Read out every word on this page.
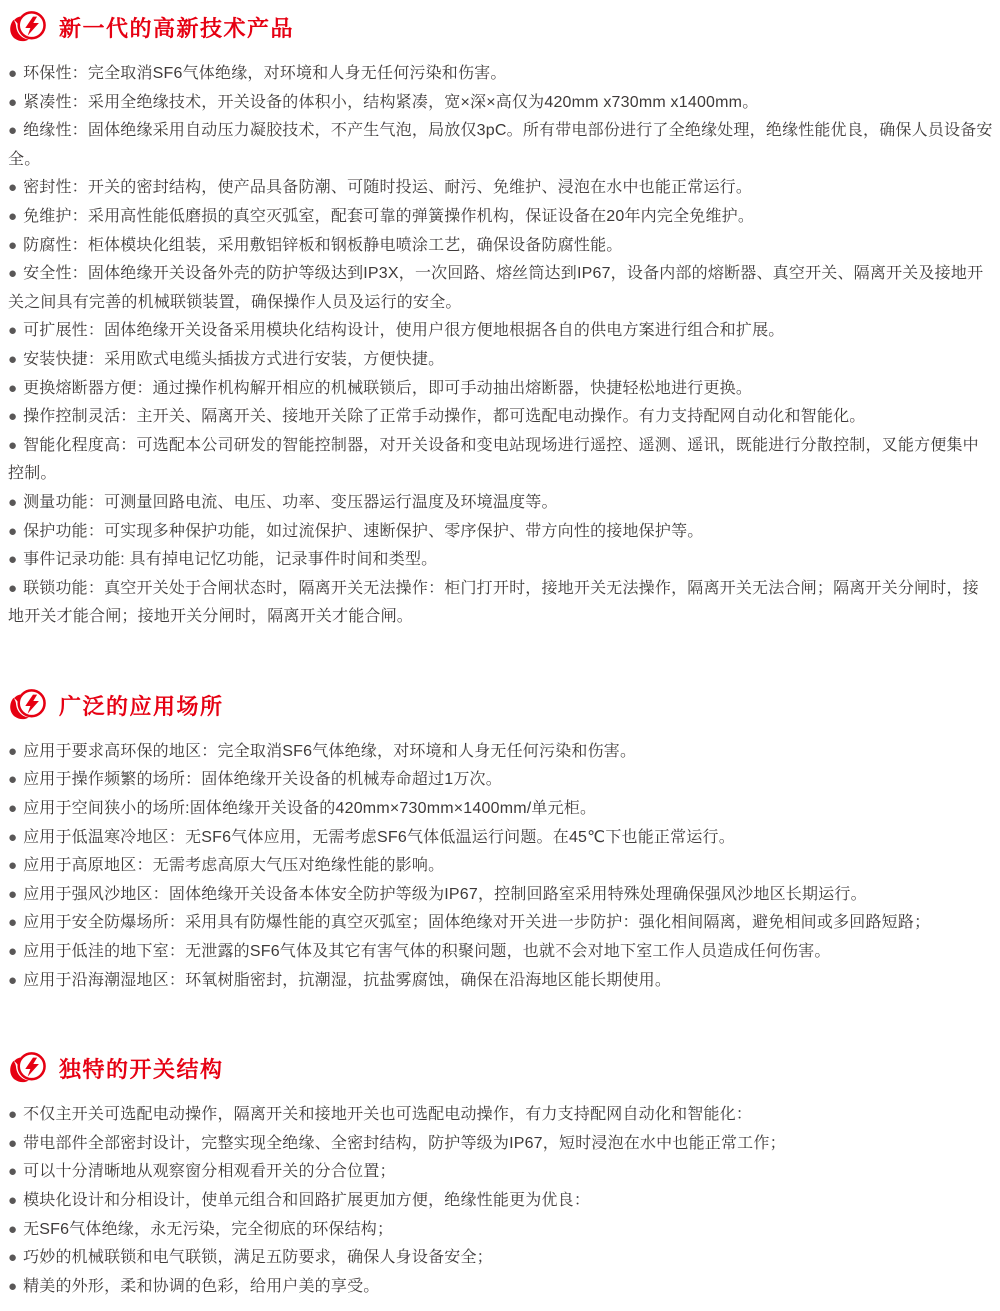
新一代的高新技术产品
● 环保性：完全取消SF6气体绝缘，对环境和人身无任何污染和伤害。
● 紧凑性：采用全绝缘技术，开关设备的体积小，结构紧凑，宽×深×高仅为420mm x730mm x1400mm。
● 绝缘性：固体绝缘采用自动压力凝胶技术，不产生气泡，局放仅3pC。所有带电部份进行了全绝缘处理，绝缘性能优良，确保人员设备安全。
● 密封性：开关的密封结构，使产品具备防潮、可随时投运、耐污、免维护、浸泡在水中也能正常运行。
● 免维护：采用高性能低磨损的真空灭弧室，配套可靠的弹簧操作机构，保证设备在20年内完全免维护。
● 防腐性：柜体模块化组装，采用敷铝锌板和钢板静电喷涂工艺，确保设备防腐性能。
● 安全性：固体绝缘开关设备外壳的防护等级达到IP3X，一次回路、熔丝筒达到IP67，设备内部的熔断器、真空开关、隔离开关及接地开关之间具有完善的机械联锁装置，确保操作人员及运行的安全。
● 可扩展性：固体绝缘开关设备采用模块化结构设计，使用户很方便地根据各自的供电方案进行组合和扩展。
● 安装快捷：采用欧式电缆头插拔方式进行安装，方便快捷。
● 更换熔断器方便：通过操作机构解开相应的机械联锁后，即可手动抽出熔断器，快捷轻松地进行更换。
● 操作控制灵活：主开关、隔离开关、接地开关除了正常手动操作，都可选配电动操作。有力支持配网自动化和智能化。
● 智能化程度高：可选配本公司研发的智能控制器，对开关设备和变电站现场进行遥控、遥测、遥讯，既能进行分散控制，叉能方便集中 控制。
● 测量功能：可测量回路电流、电压、功率、变压器运行温度及环境温度等。
● 保护功能：可实现多种保护功能，如过流保护、速断保护、零序保护、带方向性的接地保护等。
● 事件记录功能: 具有掉电记忆功能，记录事件时间和类型。
● 联锁功能：真空开关处于合闸状态时，隔离开关无法操作：柜门打开时，接地开关无法操作，隔离开关无法合闸；隔离开关分闸时，接地开关才能合闸；接地开关分闸时，隔离开关才能合闸。
广泛的应用场所
● 应用于要求高环保的地区：完全取消SF6气体绝缘，对环境和人身无任何污染和伤害。
● 应用于操作频繁的场所：固体绝缘开关设备的机械寿命超过1万次。
● 应用于空间狭小的场所:固体绝缘开关设备的420mm×730mm×1400mm/单元柜。
● 应用于低温寒冷地区：无SF6气体应用，无需考虑SF6气体低温运行问题。在45℃下也能正常运行。
● 应用于高原地区：无需考虑高原大气压对绝缘性能的影响。
● 应用于强风沙地区：固体绝缘开关设备本体安全防护等级为IP67，控制回路室采用特殊处理确保强风沙地区长期运行。
● 应用于安全防爆场所：采用具有防爆性能的真空灭弧室；固体绝缘对开关进一步防护：强化相间隔离，避免相间或多回路短路；
● 应用于低洼的地下室：无泄露的SF6气体及其它有害气体的积聚问题，也就不会对地下室工作人员造成任何伤害。
● 应用于沿海潮湿地区：环氧树脂密封，抗潮湿，抗盐雾腐蚀，确保在沿海地区能长期使用。
独特的开关结构
● 不仅主开关可选配电动操作，隔离开关和接地开关也可选配电动操作，有力支持配网自动化和智能化：
● 带电部件全部密封设计，完整实现全绝缘、全密封结构，防护等级为IP67，短时浸泡在水中也能正常工作；
● 可以十分清晰地从观察窗分相观看开关的分合位置；
● 模块化设计和分相设计，使单元组合和回路扩展更加方便，绝缘性能更为优良：
● 无SF6气体绝缘，永无污染，完全彻底的环保结构；
● 巧妙的机械联锁和电气联锁，满足五防要求，确保人身设备安全；
● 精美的外形，柔和协调的色彩，给用户美的享受。
